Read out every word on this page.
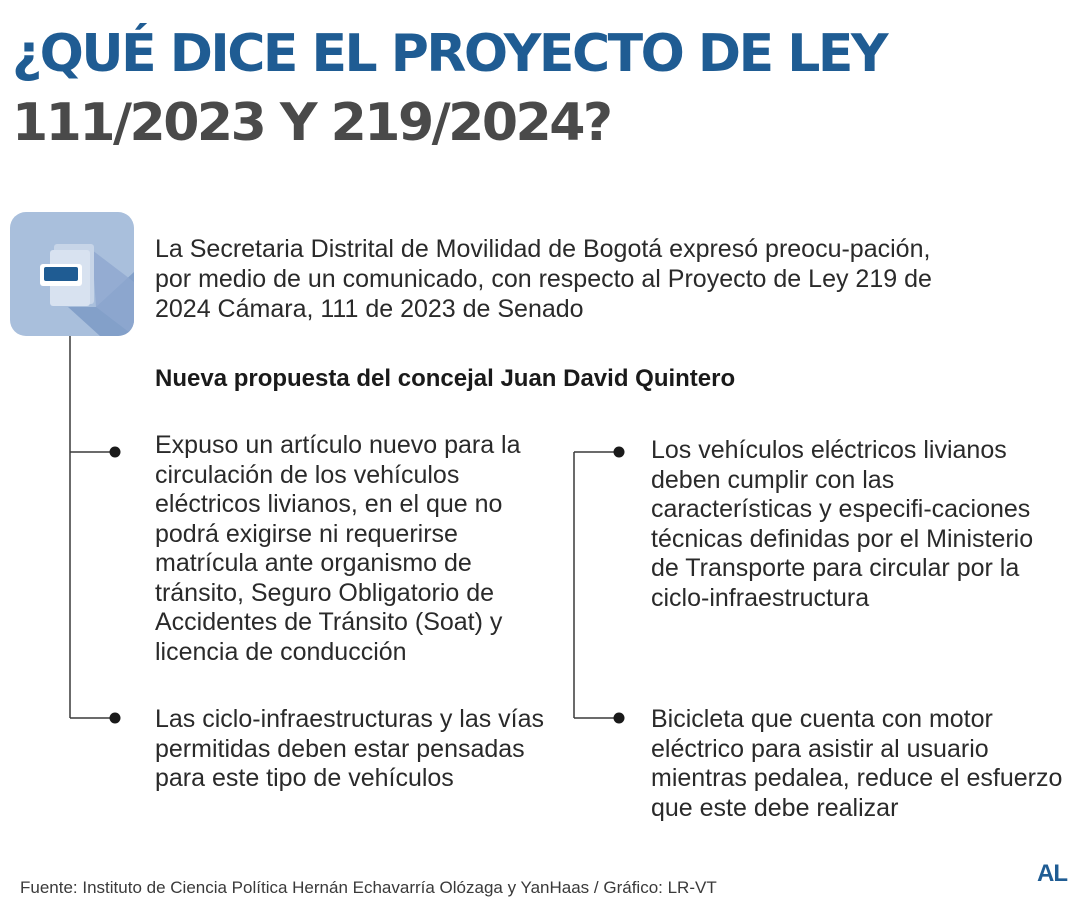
¿QUÉ DICE EL PROYECTO DE LEY
111/2023 Y 219/2024?
La Secretaria Distrital de Movilidad de Bogotá expresó preocu-pación, por medio de un comunicado, con respecto al Proyecto de Ley 219 de 2024 Cámara, 111 de 2023 de Senado
Nueva propuesta del concejal Juan David Quintero
Expuso un artículo nuevo para la circulación de los vehículos eléctricos livianos, en el que no podrá exigirse ni requerirse matrícula ante organismo de tránsito, Seguro Obligatorio de Accidentes de Tránsito (Soat) y licencia de conducción
Las ciclo-infraestructuras y las vías permitidas deben estar pensadas para este tipo de vehículos
Los vehículos eléctricos livianos deben cumplir con las características y especifi-caciones técnicas definidas por el Ministerio de Transporte para circular por la ciclo-infraestructura
Bicicleta que cuenta con motor eléctrico para asistir al usuario mientras pedalea, reduce el esfuerzo que este debe realizar
Fuente: Instituto de Ciencia Política Hernán Echavarría Olózaga y YanHaas / Gráfico: LR-VT
AL
